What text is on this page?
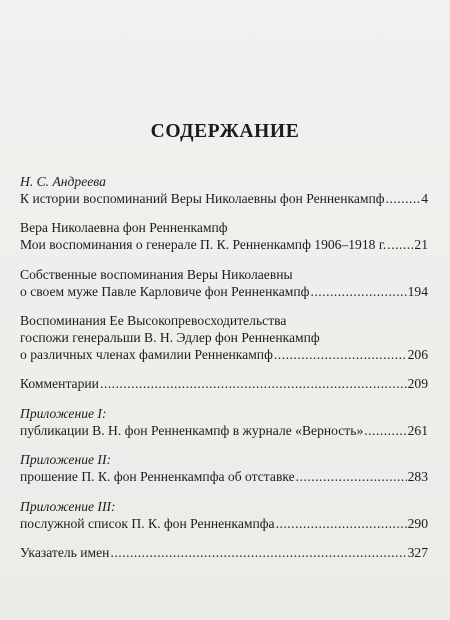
СОДЕРЖАНИЕ
Н. С. Андреева
К истории воспоминаний Веры Николаевны фон Ренненкампф .....	4
Вера Николаевна фон Ренненкампф
Мои воспоминания о генерале П. К. Ренненкампф 1906–1918 г. ..... 21
Собственные воспоминания Веры Николаевны
о своем муже Павле Карловиче фон Ренненкампф .....	194
Воспоминания Ее Высокопревосходительства
госпожи генеральши В. Н. Эдлер фон Ренненкампф
о различных членах фамилии Ренненкампф .....	206
Комментарии .....	209
Приложение I:
публикации В. Н. фон Ренненкампф в журнале «Верность» .....	261
Приложение II:
прошение П. К. фон Ренненкампфа об отставке .....	283
Приложение III:
послужной список П. К. фон Ренненкампфа .....	290
Указатель имен .....	327
